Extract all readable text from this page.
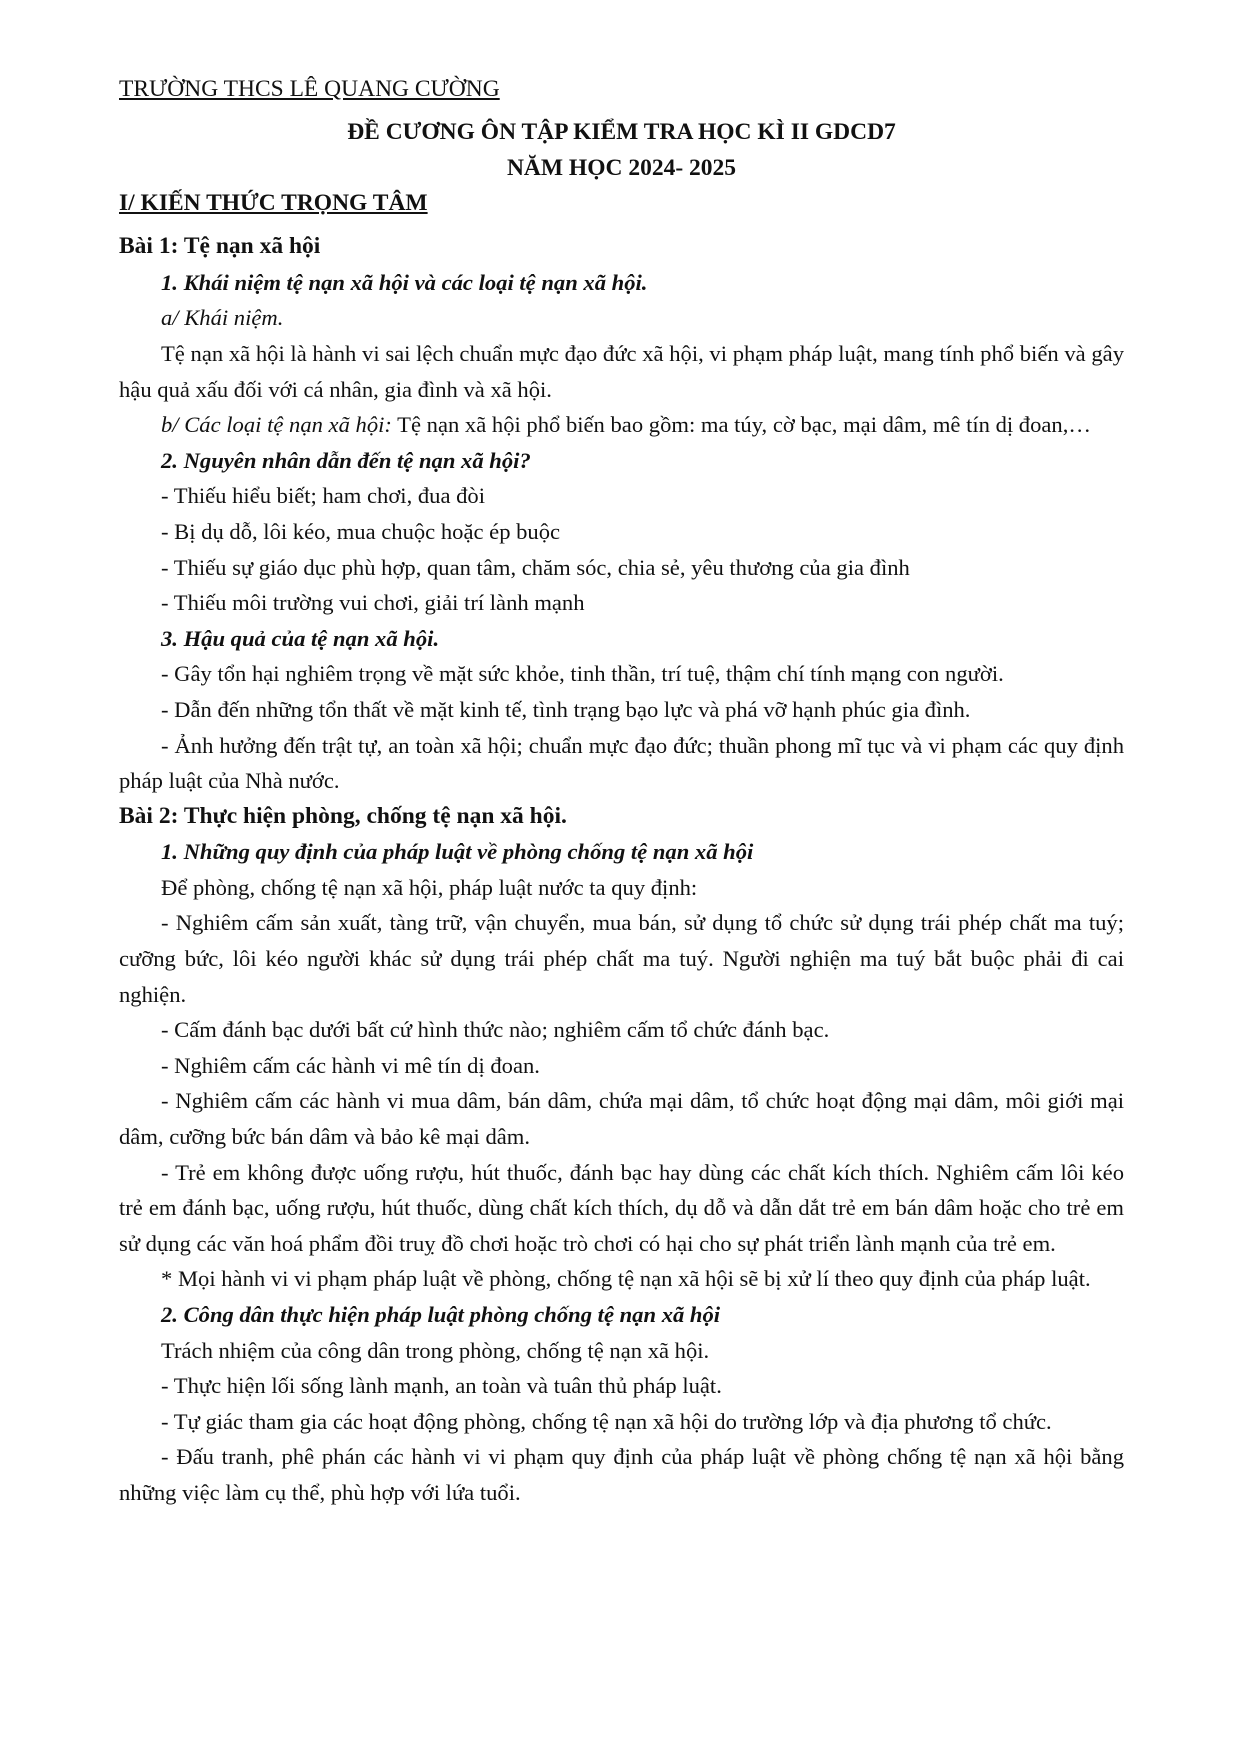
TRƯỜNG THCS LÊ QUANG CƯỜNG

ĐỀ CƯƠNG ÔN TẬP KIỂM TRA HỌC KÌ II GDCD7

NĂM HỌC 2024- 2025

I/ KIẾN THỨC TRỌNG TÂM

Bài 1: Tệ nạn xã hội

1. Khái niệm tệ nạn xã hội và các loại tệ nạn xã hội.

a/ Khái niệm.

Tệ nạn xã hội là hành vi sai lệch chuẩn mực đạo đức xã hội, vi phạm pháp luật, mang tính phổ biến và gây hậu quả xấu đối với cá nhân, gia đình và xã hội.

b/ Các loại tệ nạn xã hội: Tệ nạn xã hội phổ biến bao gồm: ma túy, cờ bạc, mại dâm, mê tín dị đoan,…

2. Nguyên nhân dẫn đến tệ nạn xã hội?

- Thiếu hiểu biết; ham chơi, đua đòi

- Bị dụ dỗ, lôi kéo, mua chuộc hoặc ép buộc

- Thiếu sự giáo dục phù hợp, quan tâm, chăm sóc, chia sẻ, yêu thương của gia đình

- Thiếu môi trường vui chơi, giải trí lành mạnh

3. Hậu quả của tệ nạn xã hội.

- Gây tổn hại nghiêm trọng về mặt sức khỏe, tinh thần, trí tuệ, thậm chí tính mạng con người.

- Dẫn đến những tổn thất về mặt kinh tế, tình trạng bạo lực và phá vỡ hạnh phúc gia đình.

- Ảnh hưởng đến trật tự, an toàn xã hội; chuẩn mực đạo đức; thuần phong mĩ tục và vi phạm các quy định pháp luật của Nhà nước.

Bài 2: Thực hiện phòng, chống tệ nạn xã hội.

1. Những quy định của pháp luật về phòng chống tệ nạn xã hội

Để phòng, chống tệ nạn xã hội, pháp luật nước ta quy định:

- Nghiêm cấm sản xuất, tàng trữ, vận chuyển, mua bán, sử dụng tổ chức sử dụng trái phép chất ma tuý; cưỡng bức, lôi kéo người khác sử dụng trái phép chất ma tuý. Người nghiện ma tuý bắt buộc phải đi cai nghiện.

- Cấm đánh bạc dưới bất cứ hình thức nào; nghiêm cấm tổ chức đánh bạc.

- Nghiêm cấm các hành vi mê tín dị đoan.

- Nghiêm cấm các hành vi mua dâm, bán dâm, chứa mại dâm, tổ chức hoạt động mại dâm, môi giới mại dâm, cưỡng bức bán dâm và bảo kê mại dâm.

- Trẻ em không được uống rượu, hút thuốc, đánh bạc hay dùng các chất kích thích. Nghiêm cấm lôi kéo trẻ em đánh bạc, uống rượu, hút thuốc, dùng chất kích thích, dụ dỗ và dẫn dắt trẻ em bán dâm hoặc cho trẻ em sử dụng các văn hoá phẩm đồi truỵ đồ chơi hoặc trò chơi có hại cho sự phát triển lành mạnh của trẻ em.

* Mọi hành vi vi phạm pháp luật về phòng, chống tệ nạn xã hội sẽ bị xử lí theo quy định của pháp luật.

2. Công dân thực hiện pháp luật phòng chống tệ nạn xã hội

Trách nhiệm của công dân trong phòng, chống tệ nạn xã hội.

- Thực hiện lối sống lành mạnh, an toàn và tuân thủ pháp luật.

- Tự giác tham gia các hoạt động phòng, chống tệ nạn xã hội do trường lớp và địa phương tổ chức.

- Đấu tranh, phê phán các hành vi vi phạm quy định của pháp luật về phòng chống tệ nạn xã hội bằng những việc làm cụ thể, phù hợp với lứa tuổi.
